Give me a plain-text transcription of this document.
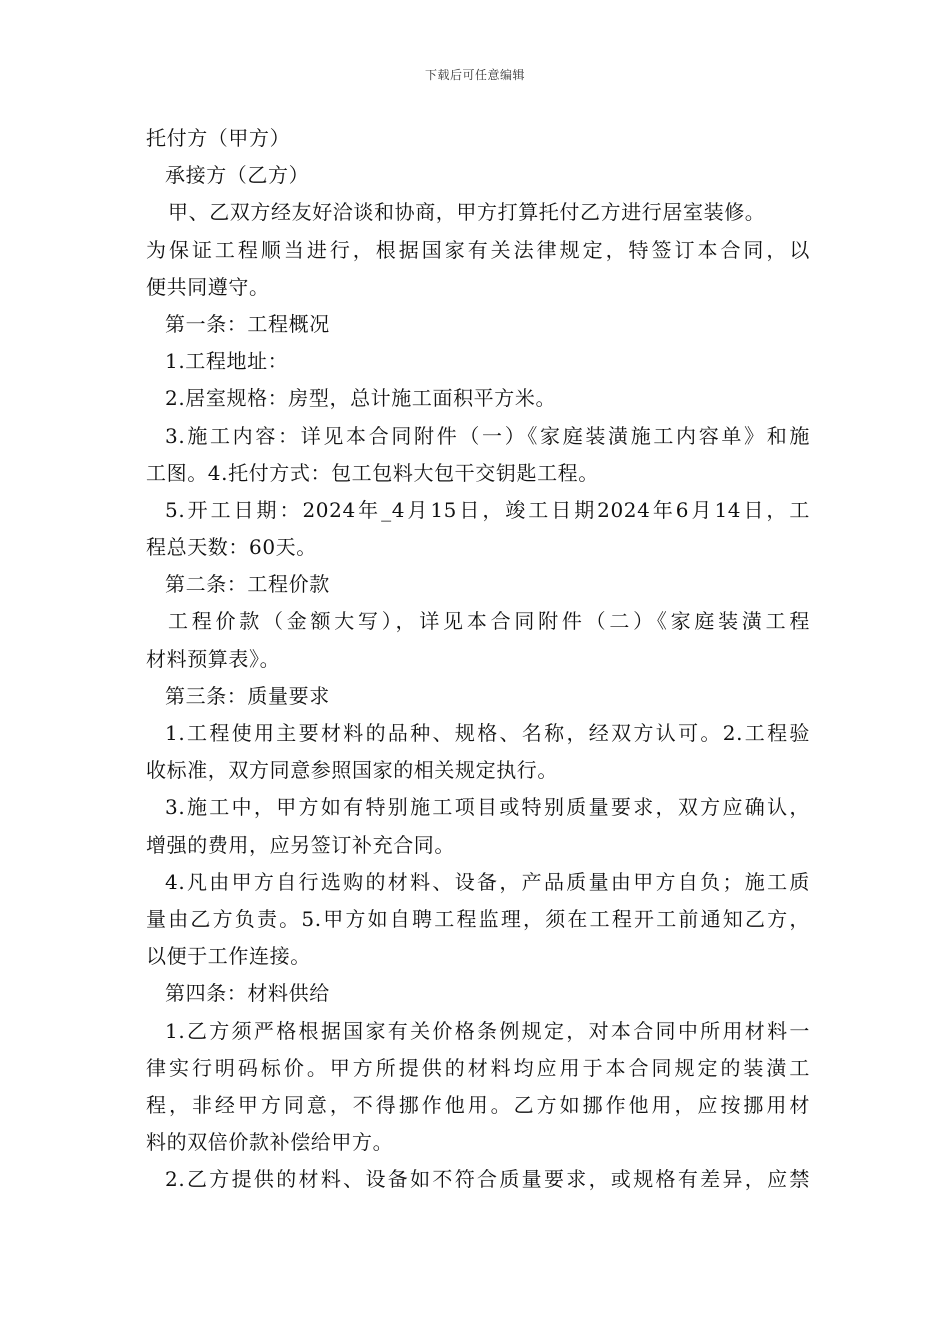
下载后可任意编辑
托付方（甲方）
承接方（乙方）
甲、乙双方经友好洽谈和协商，甲方打算托付乙方进行居室装修。
为保证工程顺当进行，根据国家有关法律规定，特签订本合同，以
便共同遵守。
第一条：工程概况
1.工程地址：
2.居室规格：房型，总计施工面积平方米。
3.施工内容：详见本合同附件（一）《家庭装潢施工内容单》和施
工图。4.托付方式：包工包料大包干交钥匙工程。
5.开工日期：2024年_4月15日，竣工日期2024年6月14日，工
程总天数：60天。
第二条：工程价款
工程价款（金额大写），详见本合同附件（二）《家庭装潢工程
材料预算表》。
第三条：质量要求
1.工程使用主要材料的品种、规格、名称，经双方认可。2.工程验
收标准，双方同意参照国家的相关规定执行。
3.施工中，甲方如有特别施工项目或特别质量要求，双方应确认，
增强的费用，应另签订补充合同。
4.凡由甲方自行选购的材料、设备，产品质量由甲方自负；施工质
量由乙方负责。5.甲方如自聘工程监理，须在工程开工前通知乙方，
以便于工作连接。
第四条：材料供给
1.乙方须严格根据国家有关价格条例规定，对本合同中所用材料一
律实行明码标价。甲方所提供的材料均应用于本合同规定的装潢工
程，非经甲方同意，不得挪作他用。乙方如挪作他用，应按挪用材
料的双倍价款补偿给甲方。
2.乙方提供的材料、设备如不符合质量要求，或规格有差异，应禁
